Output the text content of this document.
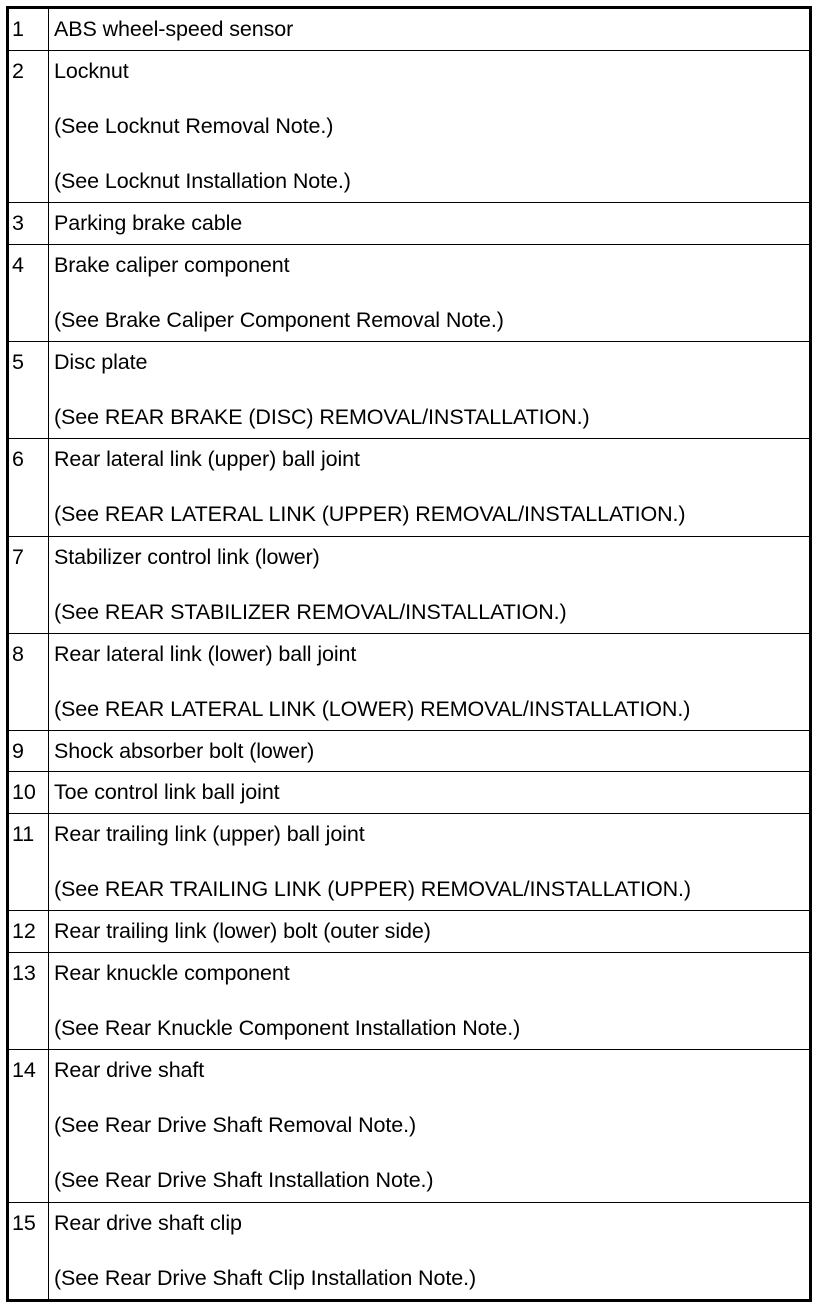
1	ABS wheel-speed sensor

2	Locknut
(See Locknut Removal Note.)
(See Locknut Installation Note.)

3	Parking brake cable

4	Brake caliper component
(See Brake Caliper Component Removal Note.)

5	Disc plate
(See REAR BRAKE (DISC) REMOVAL/INSTALLATION.)

6	Rear lateral link (upper) ball joint
(See REAR LATERAL LINK (UPPER) REMOVAL/INSTALLATION.)

7	Stabilizer control link (lower)
(See REAR STABILIZER REMOVAL/INSTALLATION.)

8	Rear lateral link (lower) ball joint
(See REAR LATERAL LINK (LOWER) REMOVAL/INSTALLATION.)

9	Shock absorber bolt (lower)

10	Toe control link ball joint

11	Rear trailing link (upper) ball joint
(See REAR TRAILING LINK (UPPER) REMOVAL/INSTALLATION.)

12	Rear trailing link (lower) bolt (outer side)

13	Rear knuckle component
(See Rear Knuckle Component Installation Note.)

14	Rear drive shaft
(See Rear Drive Shaft Removal Note.)
(See Rear Drive Shaft Installation Note.)

15	Rear drive shaft clip
(See Rear Drive Shaft Clip Installation Note.)
